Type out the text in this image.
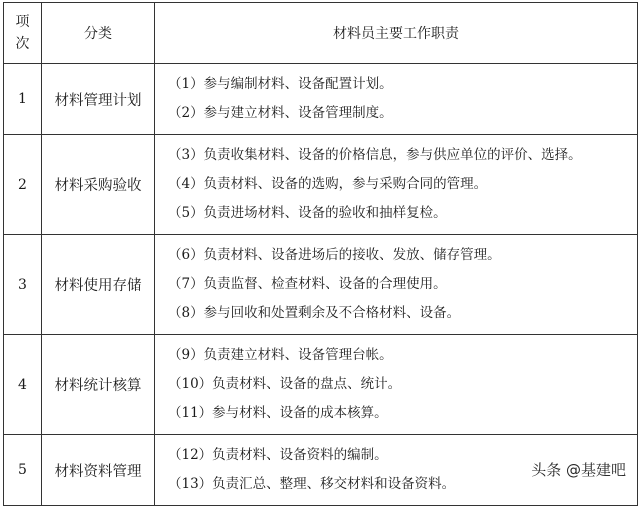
项次	分类	材料员主要工作职责
1	材料管理计划	（1）参与编制材料、设备配置计划。
（2）参与建立材料、设备管理制度。

2	材料采购验收	（3）负责收集材料、设备的价格信息，参与供应单位的评价、选择。
（4）负责材料、设备的选购，参与采购合同的管理。
（5）负责进场材料、设备的验收和抽样复检。

3	材料使用存储	（6）负责材料、设备进场后的接收、发放、储存管理。
（7）负责监督、检查材料、设备的合理使用。
（8）参与回收和处置剩余及不合格材料、设备。

4	材料统计核算	（9）负责建立材料、设备管理台帐。
（10）负责材料、设备的盘点、统计。
（11）参与材料、设备的成本核算。

5	材料资料管理	（12）负责材料、设备资料的编制。
（13）负责汇总、整理、移交材料和设备资料。
头条 @基建吧
